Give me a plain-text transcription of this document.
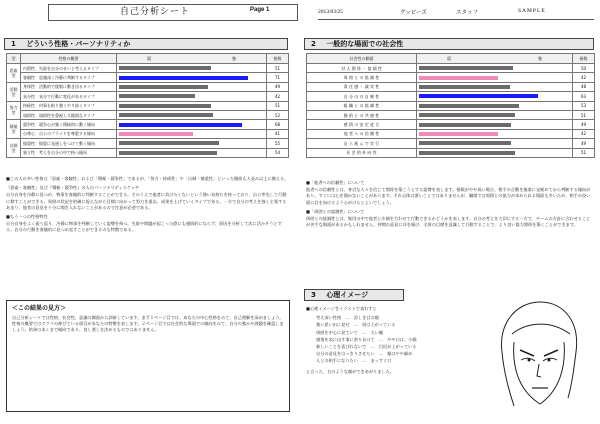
自己分析シート	Page 1	2013/03/25	グッピーズ	スタッフ	SAMPLE
1 どういう性格・パーソナリティか
型	性格の概要	弱 強	指数
思索型	内罰性：失敗を自分のせいと考えるタイプ		51
	客観性：思慮深く冷静に判断するタイプ		71
活動型	身体性：活動的で俊敏に動き回るタイプ		49
	気分性：気分で行動に変化があるタイプ		42
努力型	持続性：何事も粘り強くやり抜くタイプ		51
	規則性：規則性を重視し几帳面なタイプ		52
積極型	競争性：競争心が強く積極的に動く傾向		68
	自尊心：自らのプライドを尊重する傾向		41
自制型	慎重性：慎重に見通しをつけて動く傾向		55
	独立性：考えを自分の中で持つ傾向		54

■この人の多い性格は「思索・客観性」および「積極・競争性」であるが、「努力・持続性」や「自制・慎重性」といった側面も人並み以上に備える。

『思索・客観性』及び『積極・競争性』の人のパーソナリティスケッチ

自分自身を冷静に見つめ、物事を客観的に判断することができる。そのうえで他者に負けたくないという強い気持ちを持っており、自ら率先して行動に移すことができる。周囲の状況を的確に捉えながら目標に向かって努力を重ね、成果を上げていくタイプである。一方で自分の考えを強く主張するあまり、他者の意見を十分に聞き入れないことがあるので注意が必要である。

■もう一つの性格特性

自分自身をよく振り返り、冷静に物事を判断していく姿勢を持つ。失敗や問題が起こった際にも感情的にならず、原因を分析して次に活かそうとする。自分の行動を客観的に見つめ直すことができるのも特徴である。

＜この結果の見方＞
自己分析シートでは性格、社会性、意識の側面から診断しています。まず１ページ目では、あなたの中心性格をみて、自己理解を深めましょう。性格の概要ではグラフの伸びている項目があなたの特徴を表します。２ページ目では社会的な場面での傾向をみて、自分の強みや課題を確認しましょう。結果はあくまで傾向であり、良し悪しを決めるものではありません。
2 一般的な場面での社会性
社会性の側面	弱 強	指数
対 人 関 係 ・ 協 調 性		50
周 囲 と の 協 調 性		42
責 任 感 ・ 誠 実 性		48
自 分 の の 自 制 性		63
組 織 と の 協 調 性		53
静 的 と の 共 感 性		51
感 情 の 安 定 度 合		49
他 者 へ の 信 頼 性		42
自 ら 進 ん で 実 行		49
社 会 的 外 向 性		51

■「他者への信頼性」について

他者への信頼性とは、身近な人々を信じて関係を築こうとする姿勢を表します。指数がやや低い場合、相手の言動を慎重に見極めてから判断する傾向があり、すぐには心を開かないことがあります。それ自体は悪いことではありませんが、職場では周囲との協力が求められる場面も多いため、相手の良い面に目を向けるよう心がけるとよいでしょう。

■「周囲との協調性」について

周囲との協調性とは、集団の中で他者と歩調を合わせて行動できるかどうかを表します。自分の考えを大切にする一方で、チームの方針に合わせることが苦手な場面があるかもしれません。仲間の意見に耳を傾け、全体の目標を意識して行動することで、より良い協力関係を築くことができます。

3 心理イメージ

■心理イメージをイラストで表わすと

考え深い性格　…　涼しき目の顔

強い思い出に見せ　…　眉は上がっている

周囲を中心に見ていて　…　大い瞳

感情を表に出す事に余り長けて　…　やや口は、小顔

新しいことを喜びれないで　…　目尻が上がっている

自分の意見をはっきりさせたい　…　顔はやや細め

人との相手になりたい　…　まっすぐ口

と言った、右のような顔ができあがりました。
